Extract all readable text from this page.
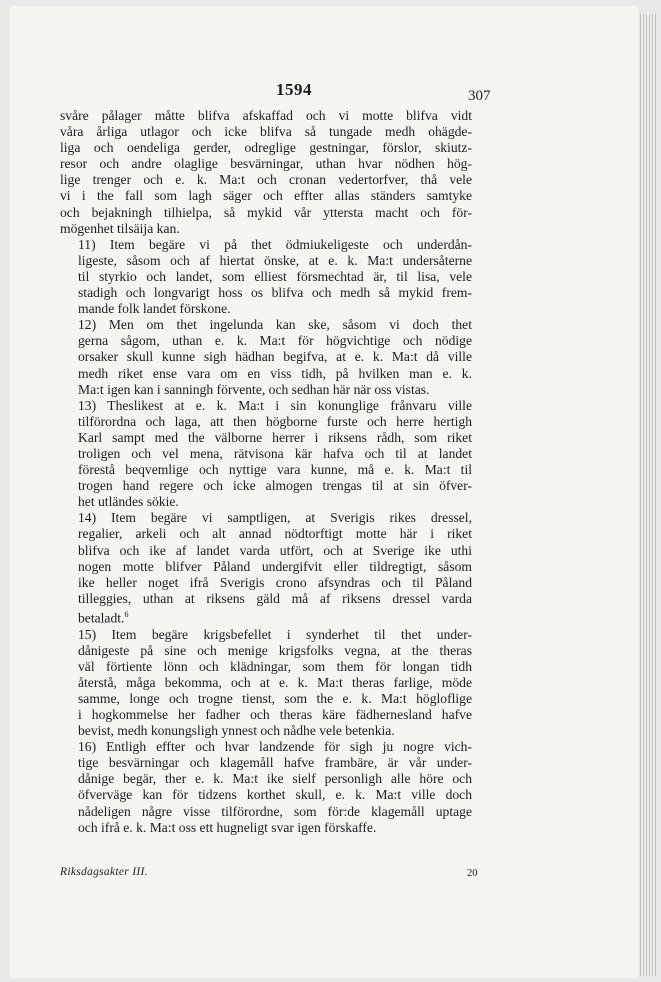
1594	307
svåre pålager måtte blifva afskaffad och vi motte blifva vidt
våra årliga utlagor och icke blifva så tungade medh ohägde-
liga och oendeliga gerder, odreglige gestningar, förslor, skiutz-
resor och andre olaglige besvärningar, uthan hvar nödhen hög-
lige trenger och e. k. Ma:t och cronan vedertorfver, thå vele
vi i the fall som lagh säger och effter allas ständers samtyke
och bejakningh tilhielpa, så mykid vår yttersta macht och för-
mögenhet tilsäija kan.
11) Item begäre vi på thet ödmiukeligeste och underdån-
ligeste, såsom och af hiertat önske, at e. k. Ma:t undersåterne
til styrkio och landet, som elliest försmechtad är, til lisa, vele
stadigh och longvarigt hoss os blifva och medh så mykid frem-
mande folk landet förskone.
12) Men om thet ingelunda kan ske, såsom vi doch thet
gerna sågom, uthan e. k. Ma:t för högvichtige och nödige
orsaker skull kunne sigh hädhan begifva, at e. k. Ma:t då ville
medh riket ense vara om en viss tidh, på hvilken man e. k.
Ma:t igen kan i sanningh förvente, och sedhan här när oss vistas.
13) Theslikest at e. k. Ma:t i sin konunglige frånvaru ville
tilförordna och laga, att then högborne furste och herre hertigh
Karl sampt med the välborne herrer i riksens rådh, som riket
troligen och vel mena, rätvisona kär hafva och til at landet
förestå beqvemlige och nyttige vara kunne, må e. k. Ma:t til
trogen hand regere och icke almogen trengas til at sin öfver-
het utländes sökie.
14) Item begäre vi samptligen, at Sverigis rikes dressel,
regalier, arkeli och alt annad nödtorftigt motte här i riket
blifva och ike af landet varda utfört, och at Sverige ike uthi
nogen motte blifver Påland undergifvit eller tildregtigt, såsom
ike heller noget ifrå Sverigis crono afsyndras och til Påland
tilleggies, uthan at riksens gäld må af riksens dressel varda
betaladt.$^6$
15) Item begäre krigsbefellet i synderhet til thet under-
dånigeste på sine och menige krigsfolks vegna, at the theras
väl förtiente lönn och klädningar, som them för longan tidh
återstå, måga bekomma, och at e. k. Ma:t theras farlige, möde
samme, longe och trogne tienst, som the e. k. Ma:t högloflige
i hogkommelse her fadher och theras käre fädhernesland hafve
bevist, medh konungsligh ynnest och nådhe vele betenkia.
16) Entligh effter och hvar landzende för sigh ju nogre vich-
tige besvärningar och klagemåll hafve frambäre, är vår under-
dånige begär, ther e. k. Ma:t ike sielf personligh alle höre och
öfverväge kan för tidzens korthet skull, e. k. Ma:t ville doch
nådeligen någre visse tilförordne, som för:de klagemåll uptage
och ifrå e. k. Ma:t oss ett hugneligt svar igen förskaffe.
Riksdagsakter III.	20
